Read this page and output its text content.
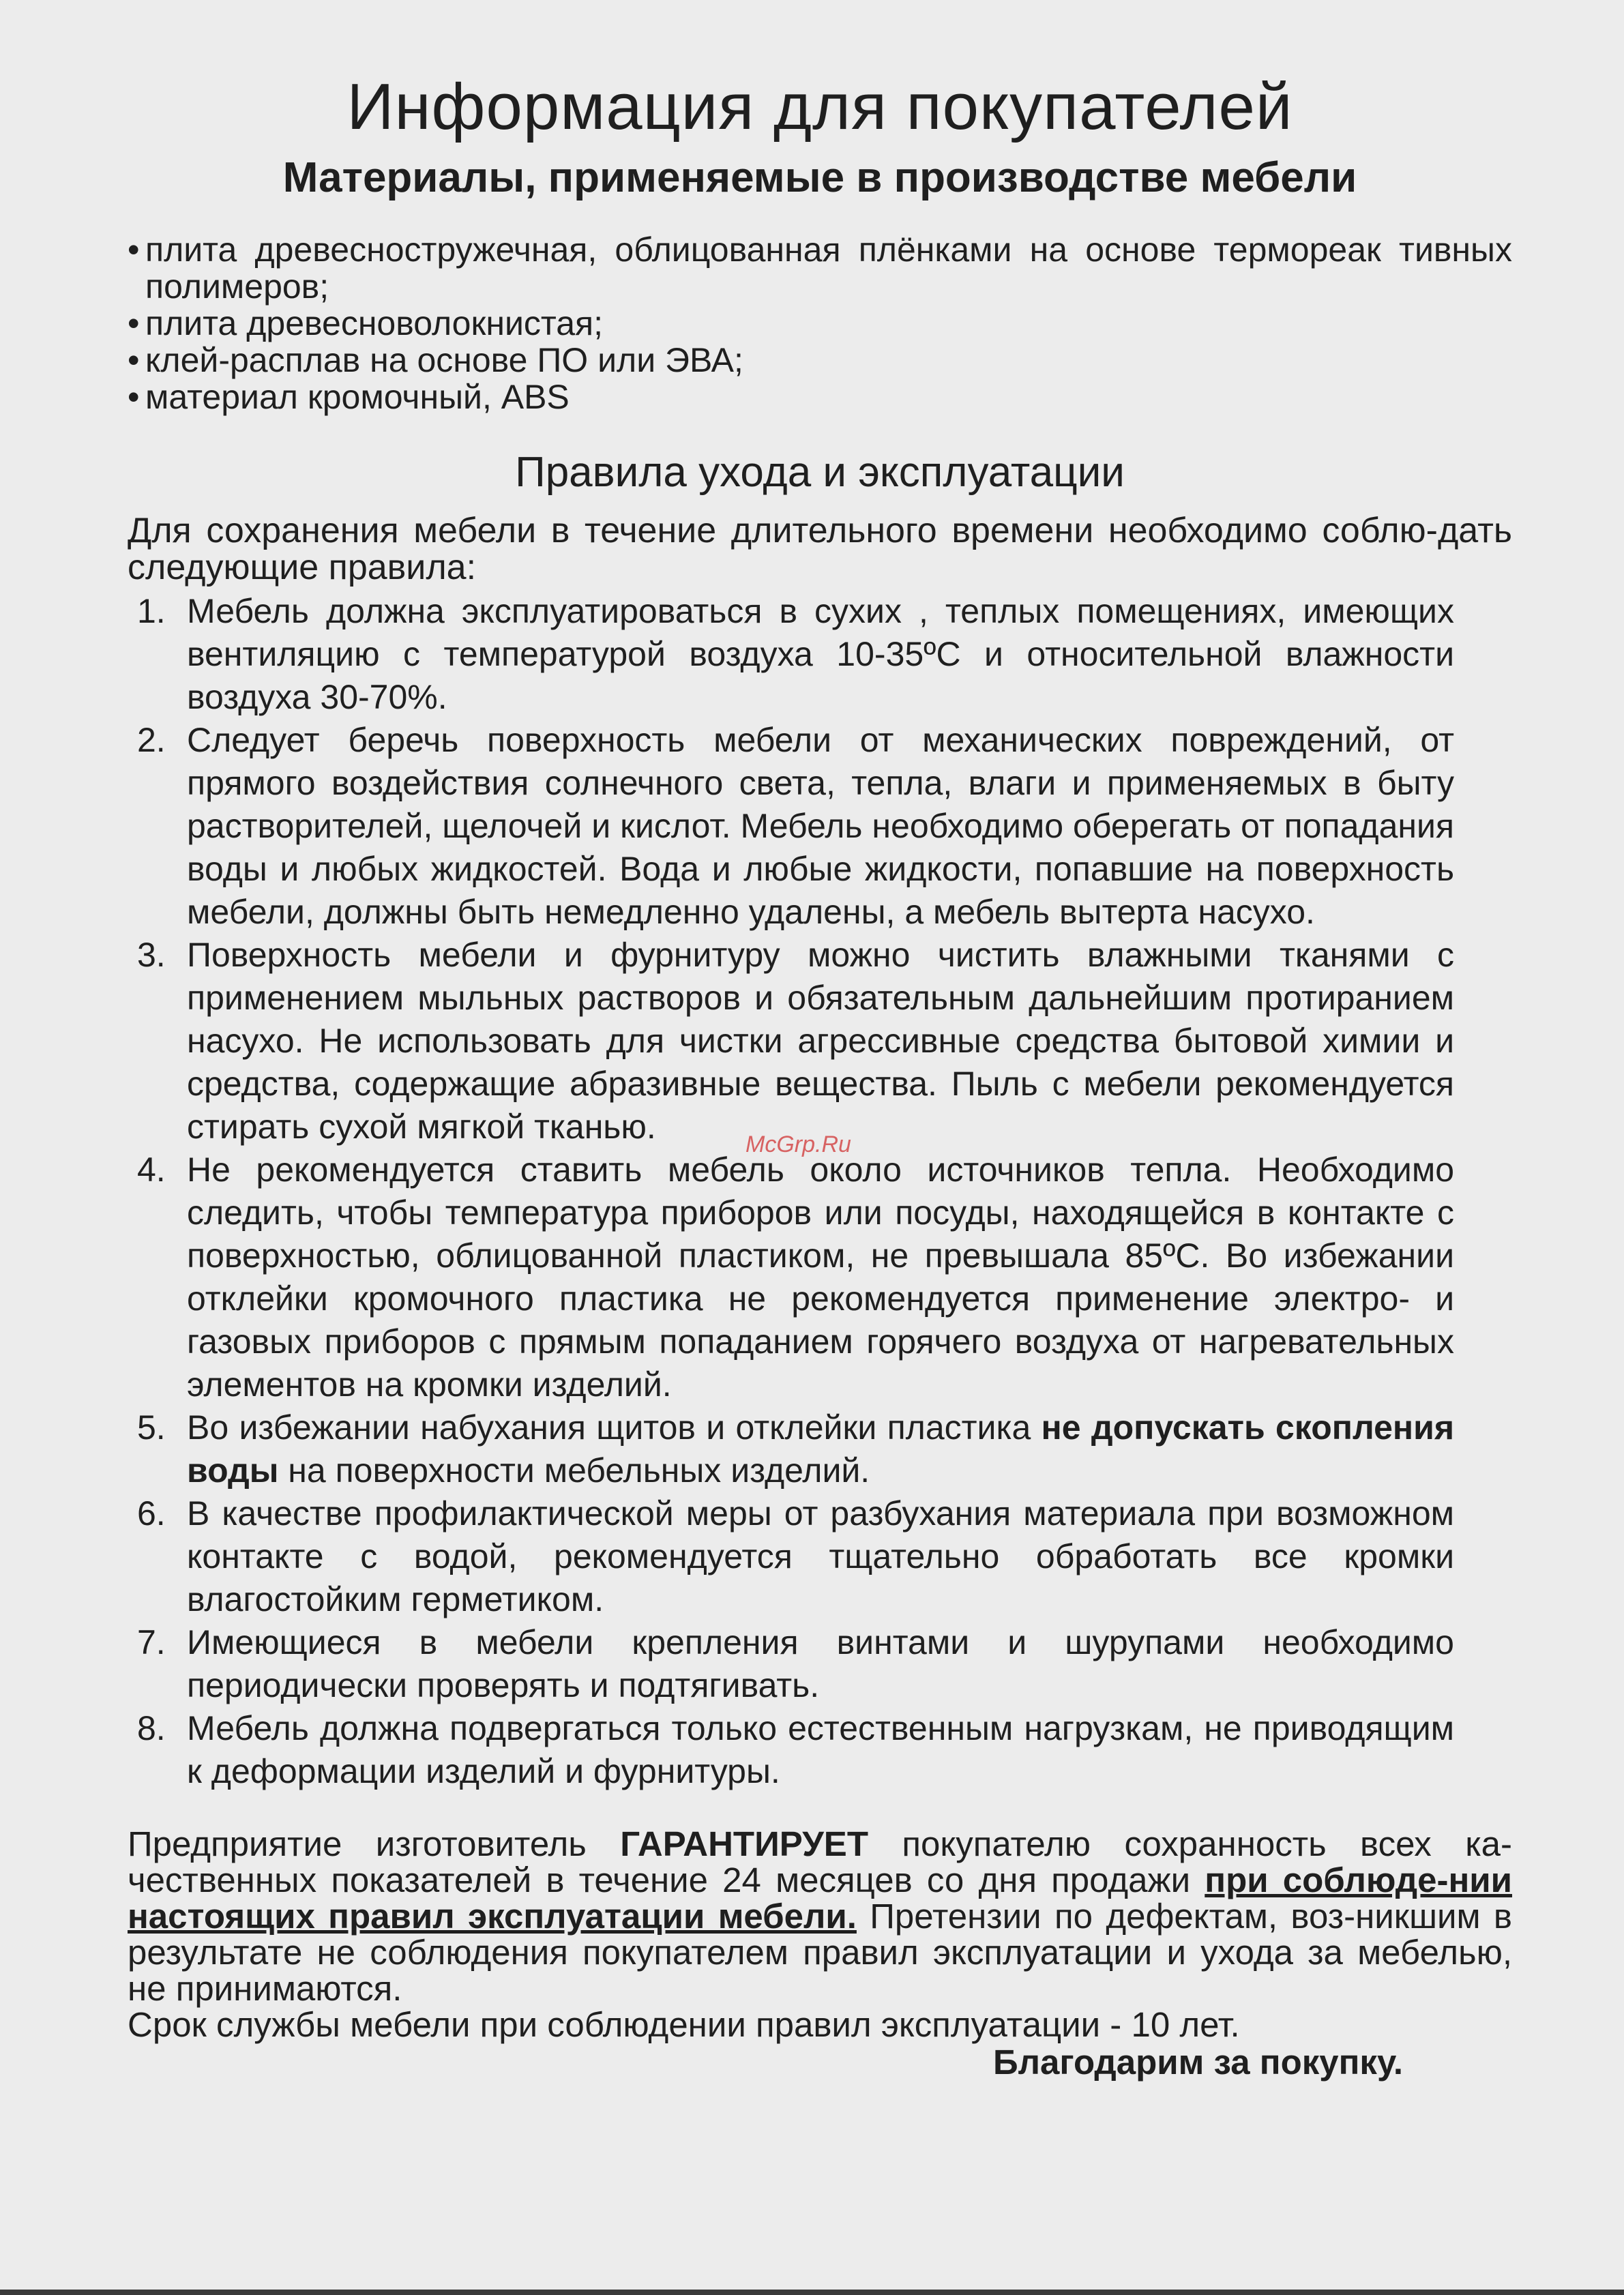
Информация для покупателей
Материалы, применяемые в производстве мебели
• плита древесностружечная, облицованная плёнками на основе термореак тивных полимеров;
• плита древесноволокнистая;
• клей-расплав на основе ПО или ЭВА;
• материал кромочный, ABS
Правила ухода и эксплуатации

Для сохранения мебели в течение длительного времени необходимо соблю-дать следующие правила:

1. Мебель должна эксплуатироваться в сухих , теплых помещениях, имеющих вентиляцию с температурой воздуха 10-35ºС и относительной влажности воздуха 30-70%.
2. Следует беречь поверхность мебели от механических повреждений, от прямого воздействия солнечного света, тепла, влаги и применяемых в быту растворителей, щелочей и кислот. Мебель необходимо оберегать от попадания воды и любых жидкостей. Вода и любые жидкости, попавшие на поверхность мебели, должны быть немедленно удалены, а мебель вытерта насухо.
3. Поверхность мебели и фурнитуру можно чистить влажными тканями с применением мыльных растворов и обязательным дальнейшим протиранием насухо. Не использовать для чистки агрессивные средства бытовой химии и средства, содержащие абразивные вещества. Пыль с мебели рекомендуется стирать сухой мягкой тканью.
4. Не рекомендуется ставить мебель около источников тепла. Необходимо следить, чтобы температура приборов или посуды, находящейся в контакте с поверхностью, облицованной пластиком, не превышала 85ºС. Во избежании отклейки кромочного пластика не рекомендуется применение электро- и газовых приборов с прямым попаданием горячего воздуха от нагревательных элементов на кромки изделий.
5. Во избежании набухания щитов и отклейки пластика не допускать скопления воды на поверхности мебельных изделий.
6. В качестве профилактической меры от разбухания материала при возможном контакте с водой, рекомендуется тщательно обработать все кромки влагостойким герметиком.
7. Имеющиеся в мебели крепления винтами и шурупами необходимо периодически проверять и подтягивать.
8. Мебель должна подвергаться только естественным нагрузкам, не приводящим к деформации изделий и фурнитуры.

Предприятие изготовитель ГАРАНТИРУЕТ покупателю сохранность всех ка-чественных показателей в течение 24 месяцев со дня продажи при соблюде-нии настоящих правил эксплуатации мебели. Претензии по дефектам, воз-никшим в результате не соблюдения покупателем правил эксплуатации и ухода за мебелью, не принимаются.

Срок службы мебели при соблюдении правил эксплуатации - 10 лет.

Благодарим за покупку.

McGrp.Ru
